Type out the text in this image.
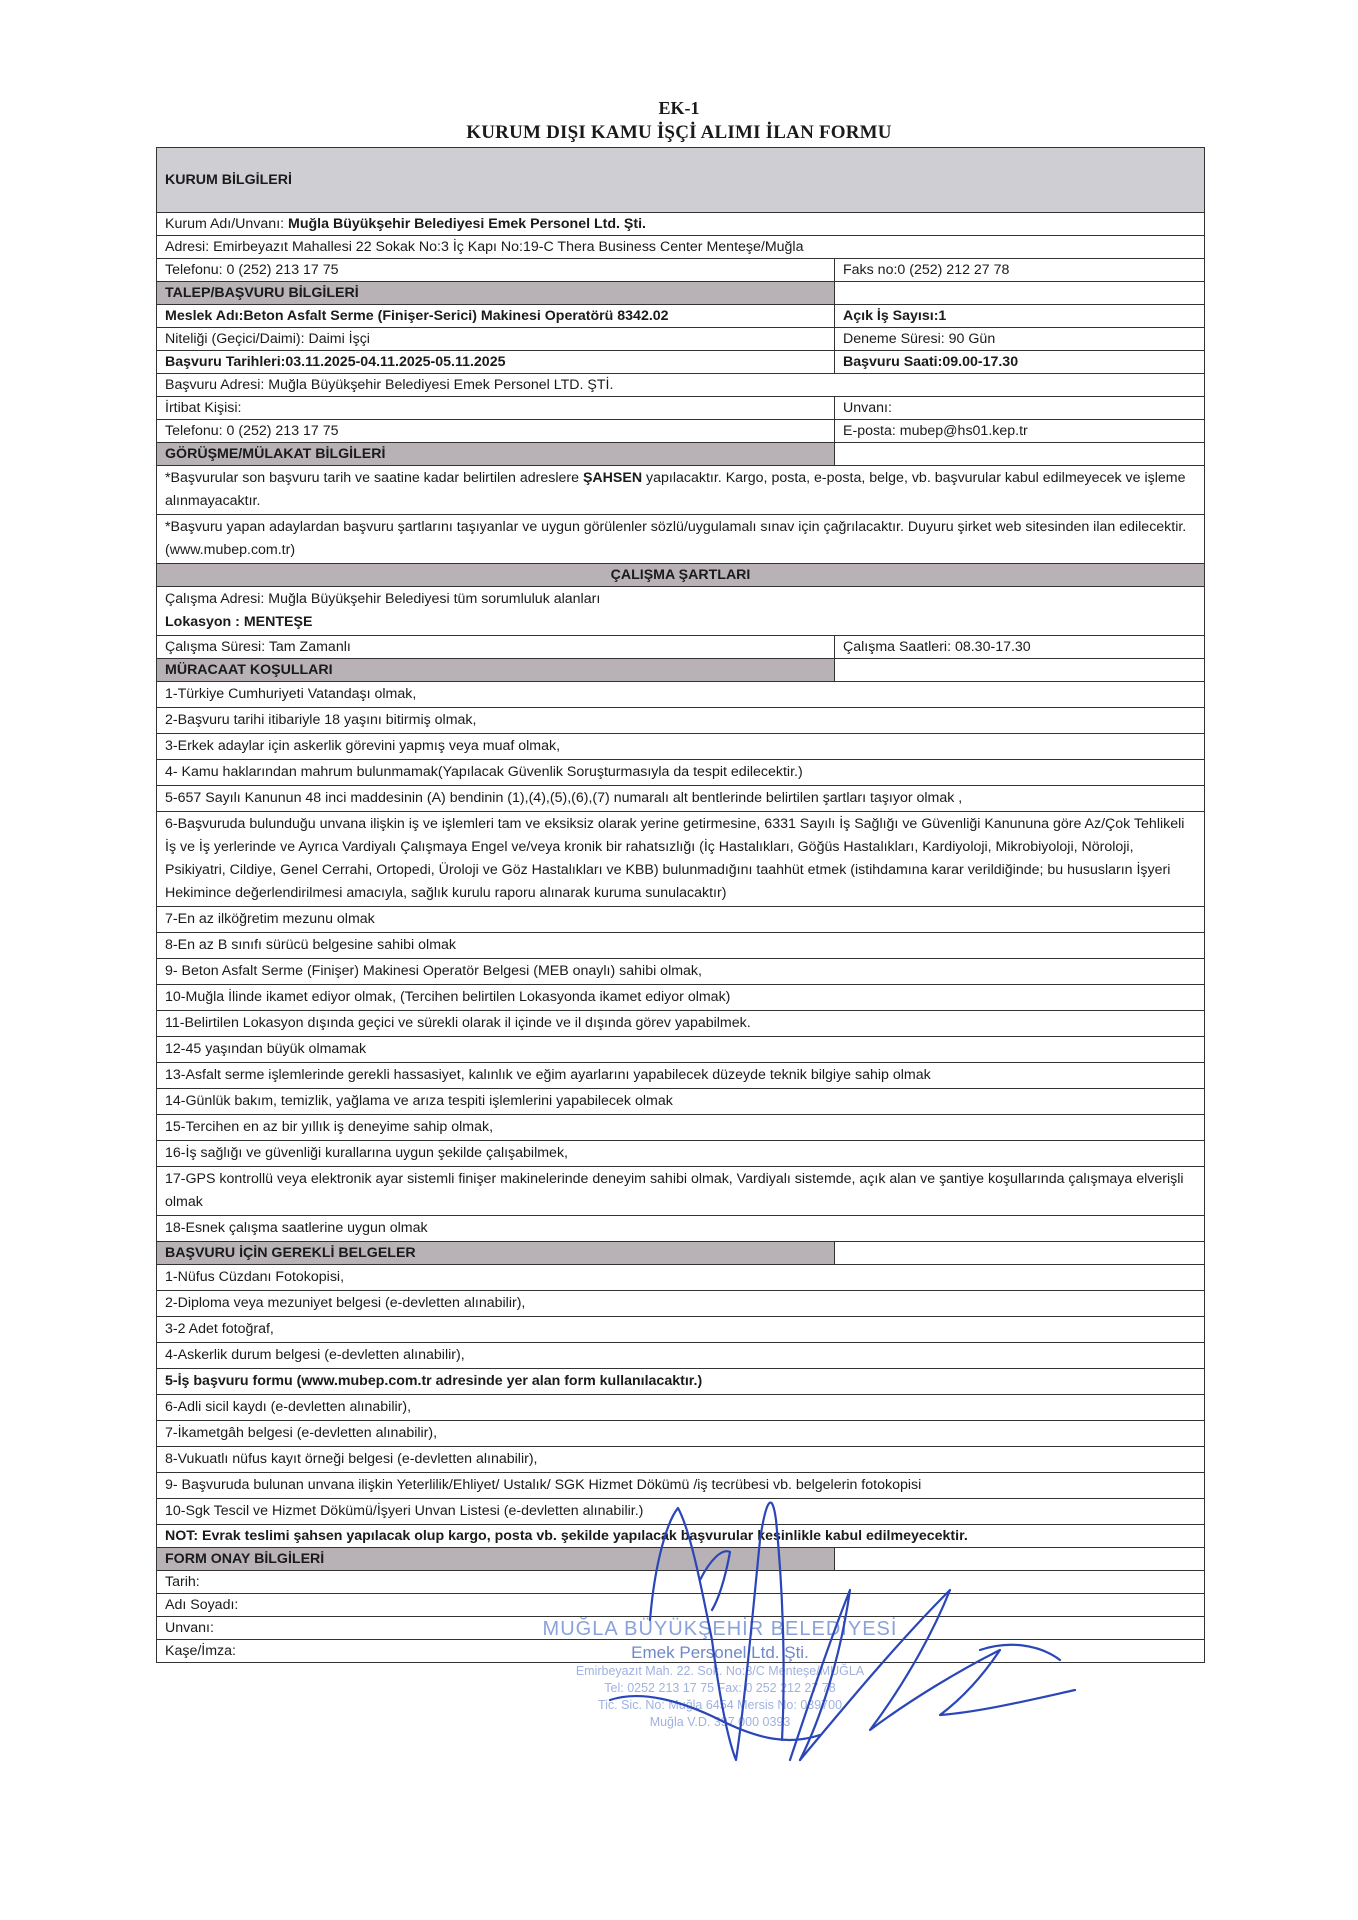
EK-1
KURUM DIŞI KAMU İŞÇİ ALIMI İLAN FORMU
KURUM BİLGİLERİ	
Kurum Adı/Unvanı: Muğla Büyükşehir Belediyesi Emek Personel Ltd. Şti.	
Adresi: Emirbeyazıt Mahallesi 22 Sokak No:3 İç Kapı No:19-C Thera Business Center Menteşe/Muğla	
Telefonu: 0 (252) 213 17 75	Faks no:0 (252) 212 27 78
TALEP/BAŞVURU BİLGİLERİ	
Meslek Adı:Beton Asfalt Serme (Finişer-Serici) Makinesi Operatörü 8342.02	Açık İş Sayısı:1
Niteliği (Geçici/Daimi): Daimi İşçi	Deneme Süresi: 90 Gün
Başvuru Tarihleri:03.11.2025-04.11.2025-05.11.2025	Başvuru Saati:09.00-17.30
Başvuru Adresi: Muğla Büyükşehir Belediyesi Emek Personel LTD. ŞTİ.	
İrtibat Kişisi:	Unvanı:
Telefonu: 0 (252) 213 17 75	E-posta: mubep@hs01.kep.tr
GÖRÜŞME/MÜLAKAT BİLGİLERİ	
*Başvurular son başvuru tarih ve saatine kadar belirtilen adreslere ŞAHSEN yapılacaktır. Kargo, posta, e-posta, belge, vb. başvurular kabul edilmeyecek ve işleme alınmayacaktır.	
*Başvuru yapan adaylardan başvuru şartlarını taşıyanlar ve uygun görülenler sözlü/uygulamalı sınav için çağrılacaktır. Duyuru şirket web sitesinden ilan edilecektir.(www.mubep.com.tr)	
ÇALIŞMA ŞARTLARI	

Çalışma Adresi: Muğla Büyükşehir Belediyesi tüm sorumluluk alanları
Lokasyon : MENTEŞE	

Çalışma Süresi: Tam Zamanlı	Çalışma Saatleri: 08.30-17.30
MÜRACAAT KOŞULLARI	
1-Türkiye Cumhuriyeti Vatandaşı olmak,	
2-Başvuru tarihi itibariyle 18 yaşını bitirmiş olmak,	
3-Erkek adaylar için askerlik görevini yapmış veya muaf olmak,	
4- Kamu haklarından mahrum bulunmamak(Yapılacak Güvenlik Soruşturmasıyla da tespit edilecektir.)	
5-657 Sayılı Kanunun 48 inci maddesinin (A) bendinin (1),(4),(5),(6),(7) numaralı alt bentlerinde belirtilen şartları taşıyor olmak ,	
6-Başvuruda bulunduğu unvana ilişkin iş ve işlemleri tam ve eksiksiz olarak yerine getirmesine, 6331 Sayılı İş Sağlığı ve Güvenliği Kanununa göre Az/Çok Tehlikeli İş ve İş yerlerinde ve Ayrıca Vardiyalı Çalışmaya Engel ve/veya kronik bir rahatsızlığı (İç Hastalıkları, Göğüs Hastalıkları, Kardiyoloji, Mikrobiyoloji, Nöroloji, Psikiyatri, Cildiye, Genel Cerrahi, Ortopedi, Üroloji ve Göz Hastalıkları ve KBB) bulunmadığını taahhüt etmek (istihdamına karar verildiğinde; bu hususların İşyeri Hekimince değerlendirilmesi amacıyla, sağlık kurulu raporu alınarak kuruma sunulacaktır)	
7-En az ilköğretim mezunu olmak	
8-En az B sınıfı sürücü belgesine sahibi olmak	
9- Beton Asfalt Serme (Finişer) Makinesi Operatör Belgesi (MEB onaylı) sahibi olmak,	
10-Muğla İlinde ikamet ediyor olmak, (Tercihen belirtilen Lokasyonda ikamet ediyor olmak)	
11-Belirtilen Lokasyon dışında geçici ve sürekli olarak il içinde ve il dışında görev yapabilmek.	
12-45 yaşından büyük olmamak	
13-Asfalt serme işlemlerinde gerekli hassasiyet, kalınlık ve eğim ayarlarını yapabilecek düzeyde teknik bilgiye sahip olmak	
14-Günlük bakım, temizlik, yağlama ve arıza tespiti işlemlerini yapabilecek olmak	
15-Tercihen en az bir yıllık iş deneyime sahip olmak,	
16-İş sağlığı ve güvenliği kurallarına uygun şekilde çalışabilmek,	
17-GPS kontrollü veya elektronik ayar sistemli finişer makinelerinde deneyim sahibi olmak, Vardiyalı sistemde, açık alan ve şantiye koşullarında çalışmaya elverişli olmak	
18-Esnek çalışma saatlerine uygun olmak	
BAŞVURU İÇİN GEREKLİ BELGELER	
1-Nüfus Cüzdanı Fotokopisi,	
2-Diploma veya mezuniyet belgesi (e-devletten alınabilir),	
3-2 Adet fotoğraf,	
4-Askerlik durum belgesi (e-devletten alınabilir),	
5-İş başvuru formu (www.mubep.com.tr adresinde yer alan form kullanılacaktır.)	
6-Adli sicil kaydı (e-devletten alınabilir),	
7-İkametgâh belgesi (e-devletten alınabilir),	
8-Vukuatlı nüfus kayıt örneği belgesi (e-devletten alınabilir),	
9- Başvuruda bulunan unvana ilişkin Yeterlilik/Ehliyet/ Ustalık/ SGK Hizmet Dökümü /iş tecrübesi vb. belgelerin fotokopisi	
10-Sgk Tescil ve Hizmet Dökümü/İşyeri Unvan Listesi (e-devletten alınabilir.)	
NOT: Evrak teslimi şahsen yapılacak olup kargo, posta vb. şekilde yapılacak başvurular kesinlikle kabul edilmeyecektir.	
FORM ONAY BİLGİLERİ	
Tarih:	
Adı Soyadı:	
Unvanı:	
Kaşe/İmza:	
MUĞLA BÜYÜKŞEHİR BELEDİYESİ
Emek Personel Ltd. Şti.
Emirbeyazıt Mah. 22. Sok. No:3/C Menteşe/MUĞLA
Tel: 0252 213 17 75 Fax: 0 252 212 27 78
Tic. Sic. No: Muğla 6454 Mersis No: 039700
Muğla V.D. 397 000 0393
